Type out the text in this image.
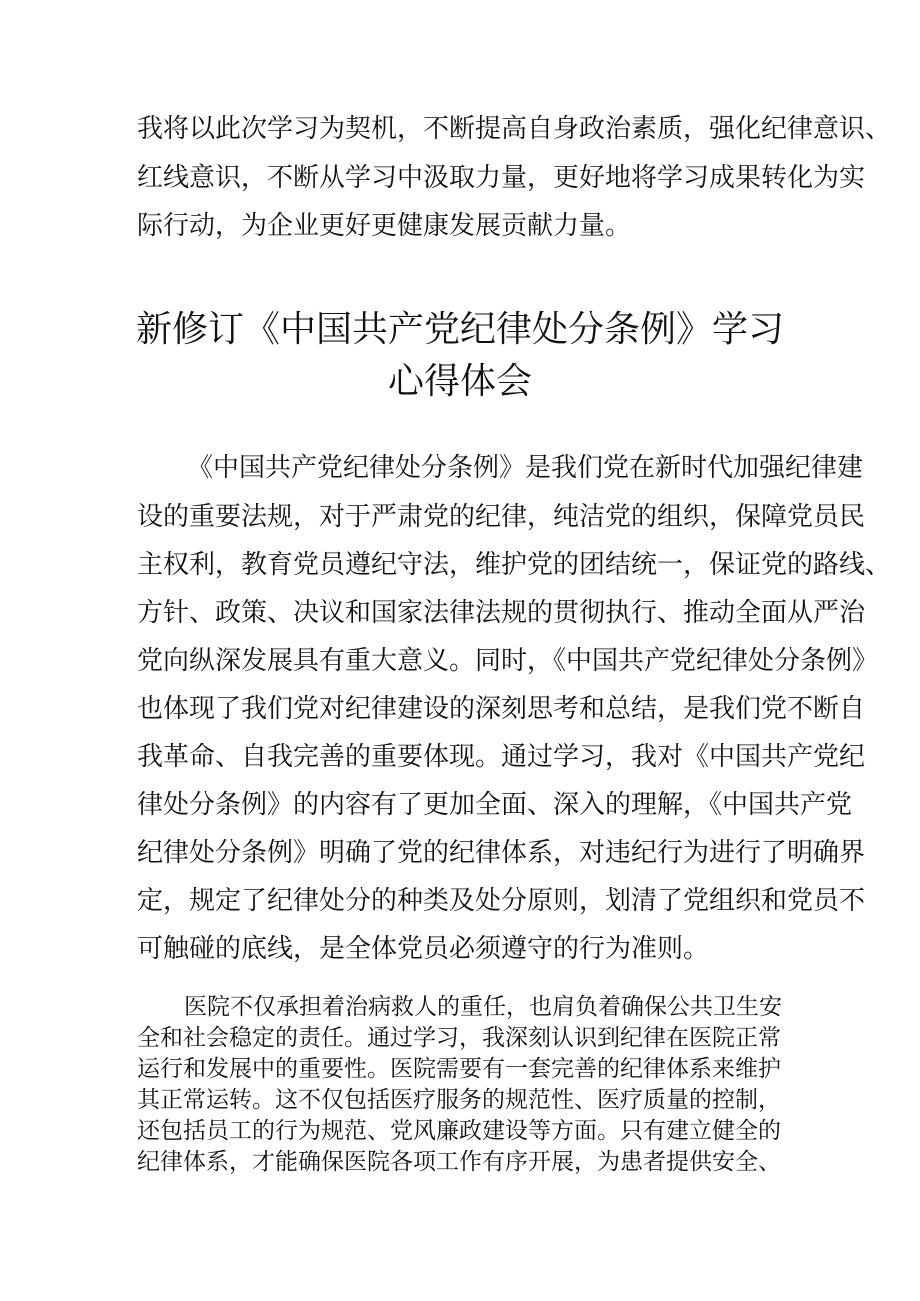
我将以此次学习为契机，不断提高自身政治素质，强化纪律意识、
红线意识，不断从学习中汲取力量，更好地将学习成果转化为实
际行动，为企业更好更健康发展贡献力量。
新修订《中国共产党纪律处分条例》学习
心得体会
《中国共产党纪律处分条例》是我们党在新时代加强纪律建
设的重要法规，对于严肃党的纪律，纯洁党的组织，保障党员民
主权利，教育党员遵纪守法，维护党的团结统一，保证党的路线、
方针、政策、决议和国家法律法规的贯彻执行、推动全面从严治
党向纵深发展具有重大意义。同时，《中国共产党纪律处分条例》
也体现了我们党对纪律建设的深刻思考和总结，是我们党不断自
我革命、自我完善的重要体现。通过学习，我对《中国共产党纪
律处分条例》的内容有了更加全面、深入的理解，《中国共产党
纪律处分条例》明确了党的纪律体系，对违纪行为进行了明确界
定，规定了纪律处分的种类及处分原则，划清了党组织和党员不
可触碰的底线，是全体党员必须遵守的行为准则。
医院不仅承担着治病救人的重任，也肩负着确保公共卫生安
全和社会稳定的责任。通过学习，我深刻认识到纪律在医院正常
运行和发展中的重要性。医院需要有一套完善的纪律体系来维护
其正常运转。这不仅包括医疗服务的规范性、医疗质量的控制，
还包括员工的行为规范、党风廉政建设等方面。只有建立健全的
纪律体系，才能确保医院各项工作有序开展，为患者提供安全、
